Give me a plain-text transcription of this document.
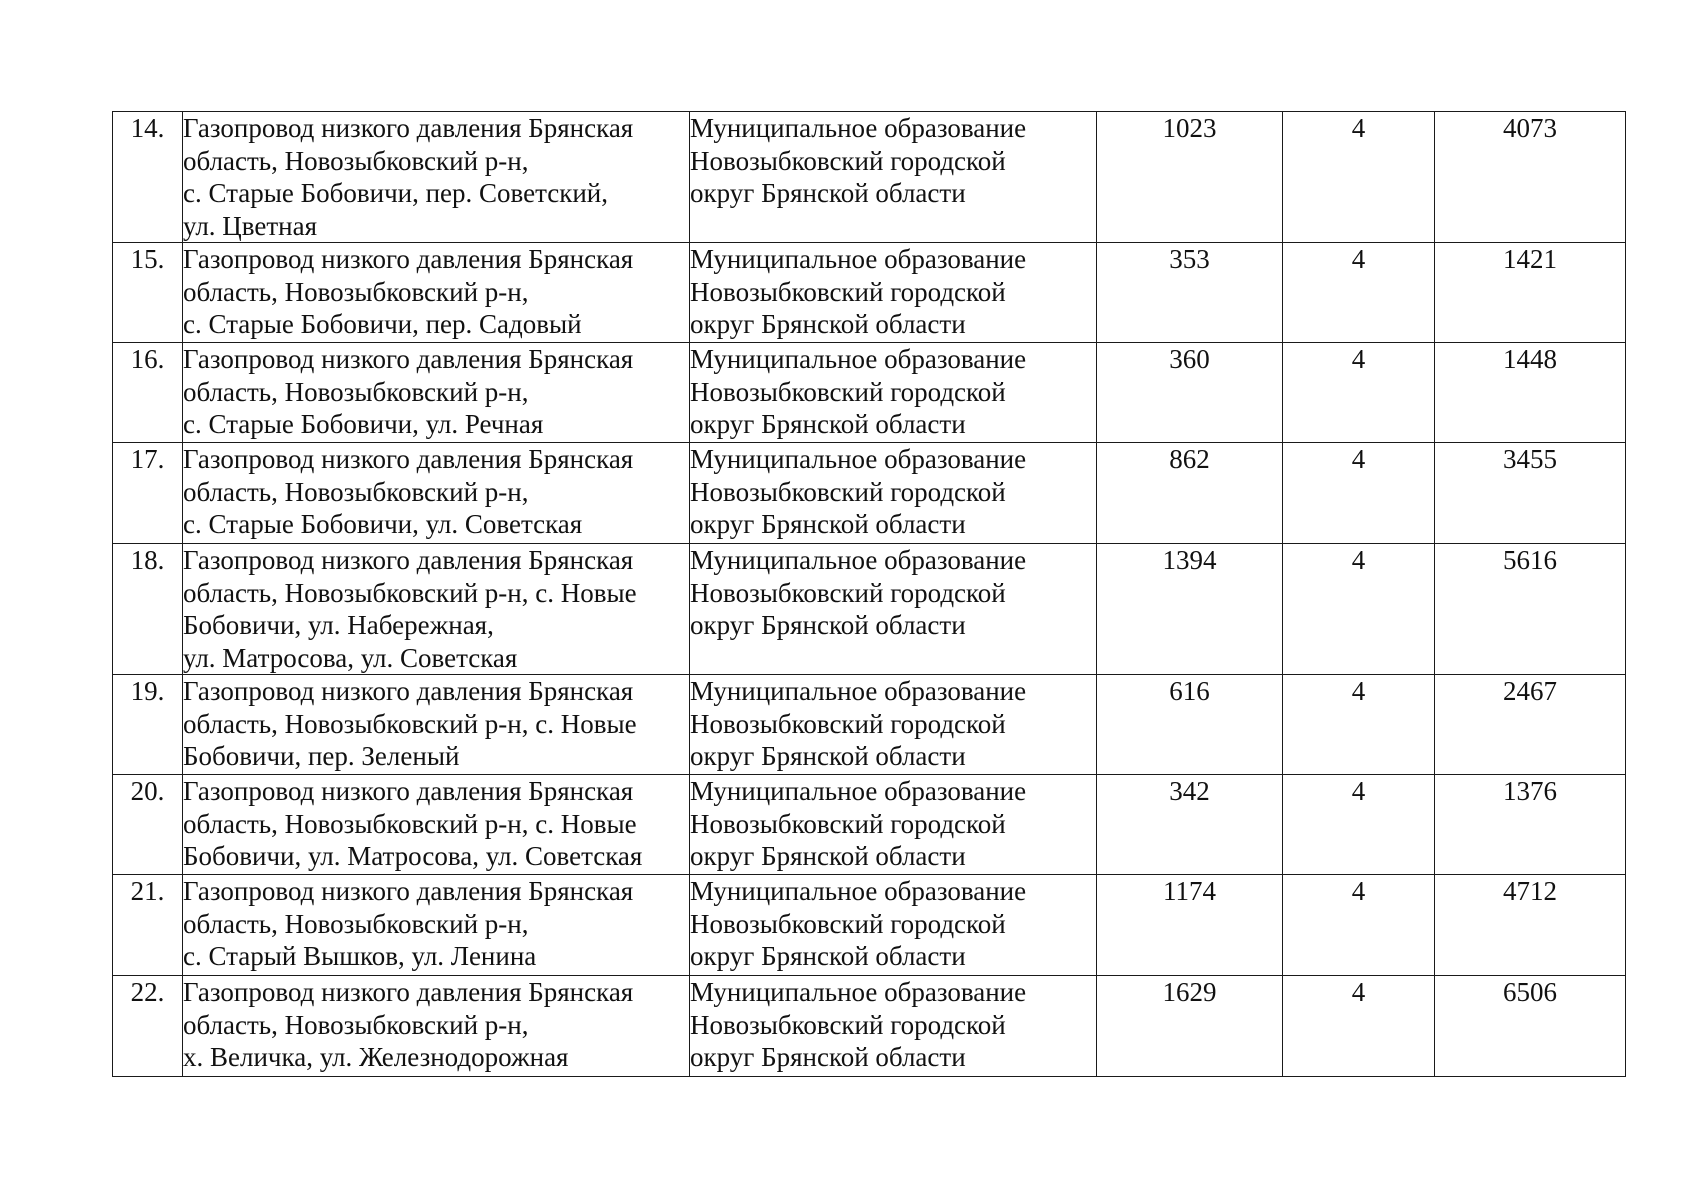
14.	Газопровод низкого давления Брянская
область, Новозыбковский р-н,
с. Старые Бобовичи, пер. Советский,
ул. Цветная	Муниципальное образование
Новозыбковский городской
округ Брянской области	1023	4	4073
15.	Газопровод низкого давления Брянская
область, Новозыбковский р-н,
с. Старые Бобовичи, пер. Садовый	Муниципальное образование
Новозыбковский городской
округ Брянской области	353	4	1421
16.	Газопровод низкого давления Брянская
область, Новозыбковский р-н,
с. Старые Бобовичи, ул. Речная	Муниципальное образование
Новозыбковский городской
округ Брянской области	360	4	1448
17.	Газопровод низкого давления Брянская
область, Новозыбковский р-н,
с. Старые Бобовичи, ул. Советская	Муниципальное образование
Новозыбковский городской
округ Брянской области	862	4	3455
18.	Газопровод низкого давления Брянская
область, Новозыбковский р-н, с. Новые
Бобовичи, ул. Набережная,
ул. Матросова, ул. Советская	Муниципальное образование
Новозыбковский городской
округ Брянской области	1394	4	5616
19.	Газопровод низкого давления Брянская
область, Новозыбковский р-н, с. Новые
Бобовичи, пер. Зеленый	Муниципальное образование
Новозыбковский городской
округ Брянской области	616	4	2467
20.	Газопровод низкого давления Брянская
область, Новозыбковский р-н, с. Новые
Бобовичи, ул. Матросова, ул. Советская	Муниципальное образование
Новозыбковский городской
округ Брянской области	342	4	1376
21.	Газопровод низкого давления Брянская
область, Новозыбковский р-н,
с. Старый Вышков, ул. Ленина	Муниципальное образование
Новозыбковский городской
округ Брянской области	1174	4	4712
22.	Газопровод низкого давления Брянская
область, Новозыбковский р-н,
х. Величка, ул. Железнодорожная	Муниципальное образование
Новозыбковский городской
округ Брянской области	1629	4	6506
